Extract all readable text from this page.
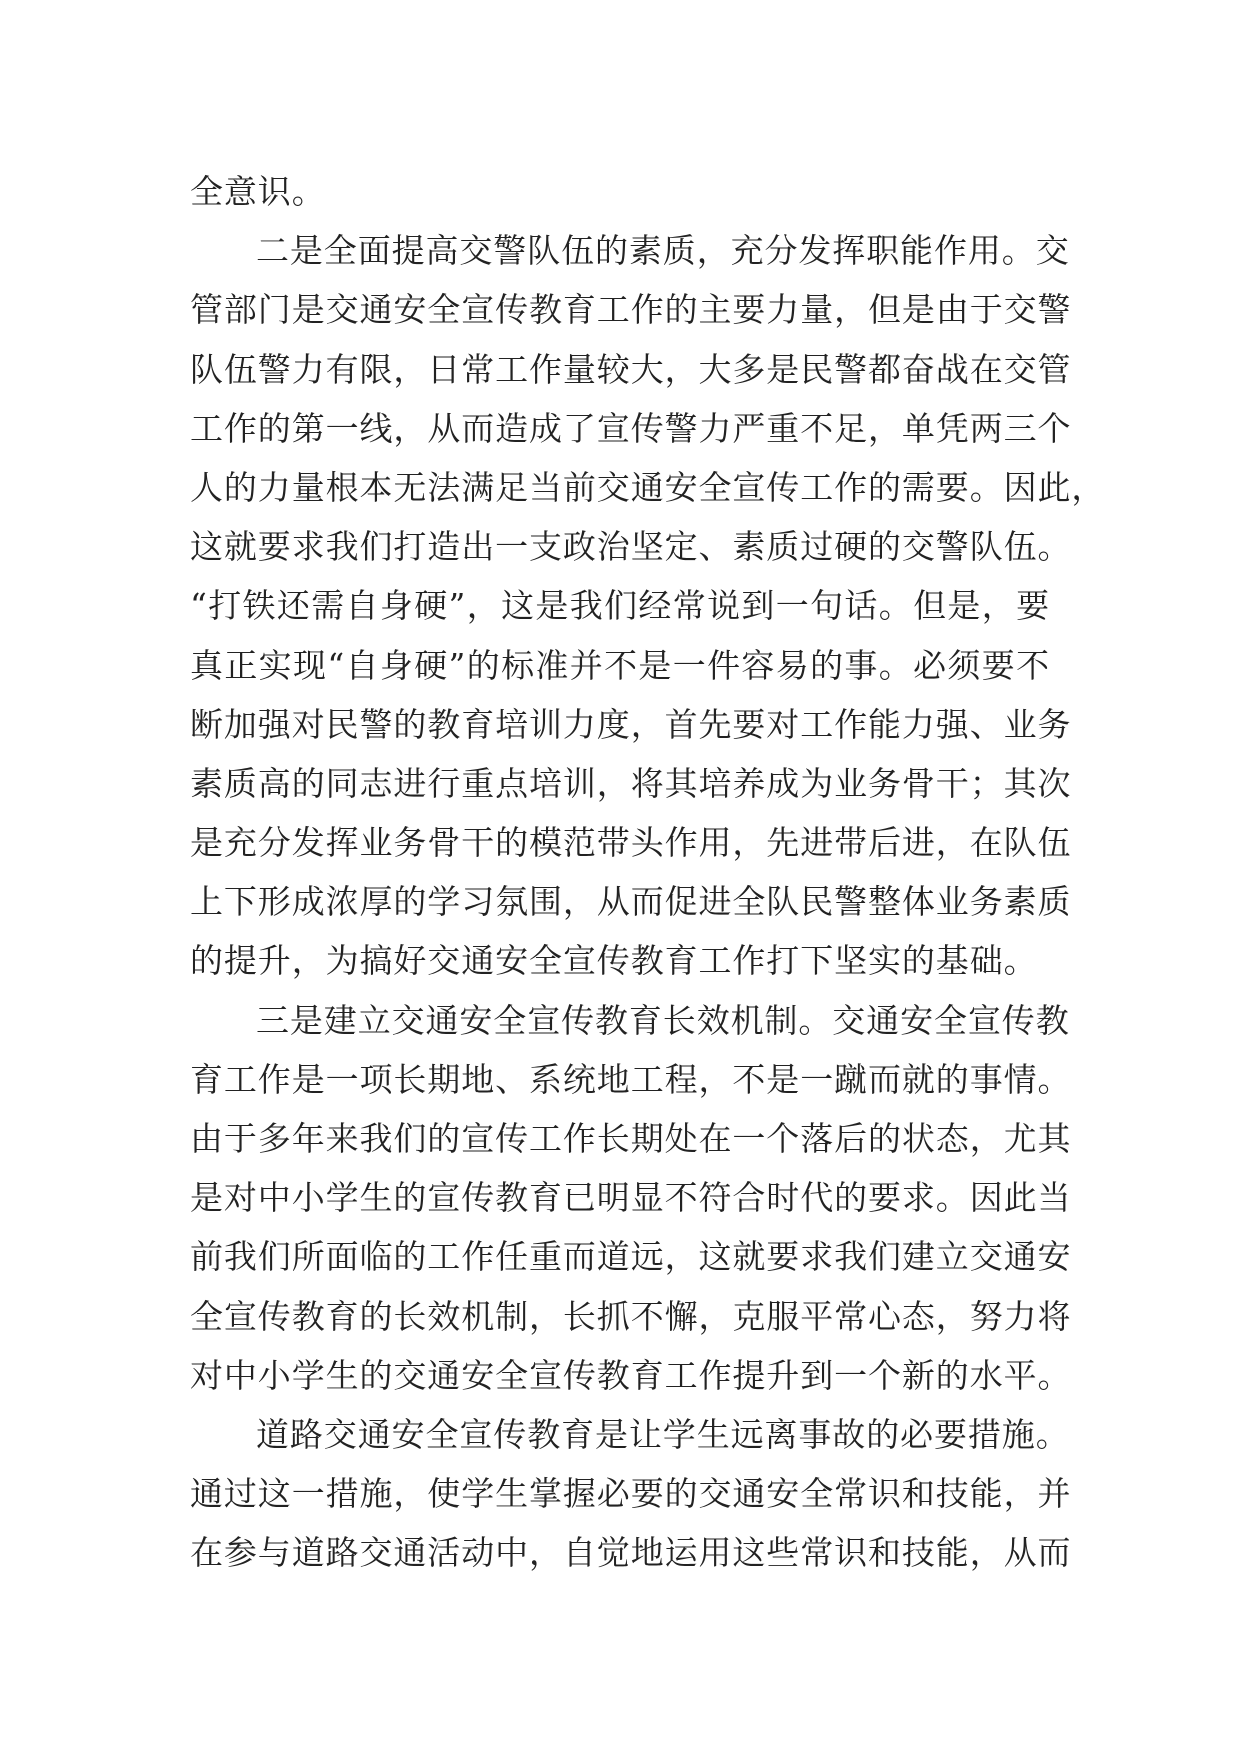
全意识。
二是全面提高交警队伍的素质，充分发挥职能作用。交
管部门是交通安全宣传教育工作的主要力量，但是由于交警
队伍警力有限，日常工作量较大，大多是民警都奋战在交管
工作的第一线，从而造成了宣传警力严重不足，单凭两三个
人的力量根本无法满足当前交通安全宣传工作的需要。因此，
这就要求我们打造出一支政治坚定、素质过硬的交警队伍。
“打铁还需自身硬”，这是我们经常说到一句话。但是，要
真正实现“自身硬”的标准并不是一件容易的事。必须要不
断加强对民警的教育培训力度，首先要对工作能力强、业务
素质高的同志进行重点培训，将其培养成为业务骨干；其次
是充分发挥业务骨干的模范带头作用，先进带后进，在队伍
上下形成浓厚的学习氛围，从而促进全队民警整体业务素质
的提升，为搞好交通安全宣传教育工作打下坚实的基础。
三是建立交通安全宣传教育长效机制。交通安全宣传教
育工作是一项长期地、系统地工程，不是一蹴而就的事情。
由于多年来我们的宣传工作长期处在一个落后的状态，尤其
是对中小学生的宣传教育已明显不符合时代的要求。因此当
前我们所面临的工作任重而道远，这就要求我们建立交通安
全宣传教育的长效机制，长抓不懈，克服平常心态，努力将
对中小学生的交通安全宣传教育工作提升到一个新的水平。
道路交通安全宣传教育是让学生远离事故的必要措施。
通过这一措施，使学生掌握必要的交通安全常识和技能，并
在参与道路交通活动中，自觉地运用这些常识和技能，从而
